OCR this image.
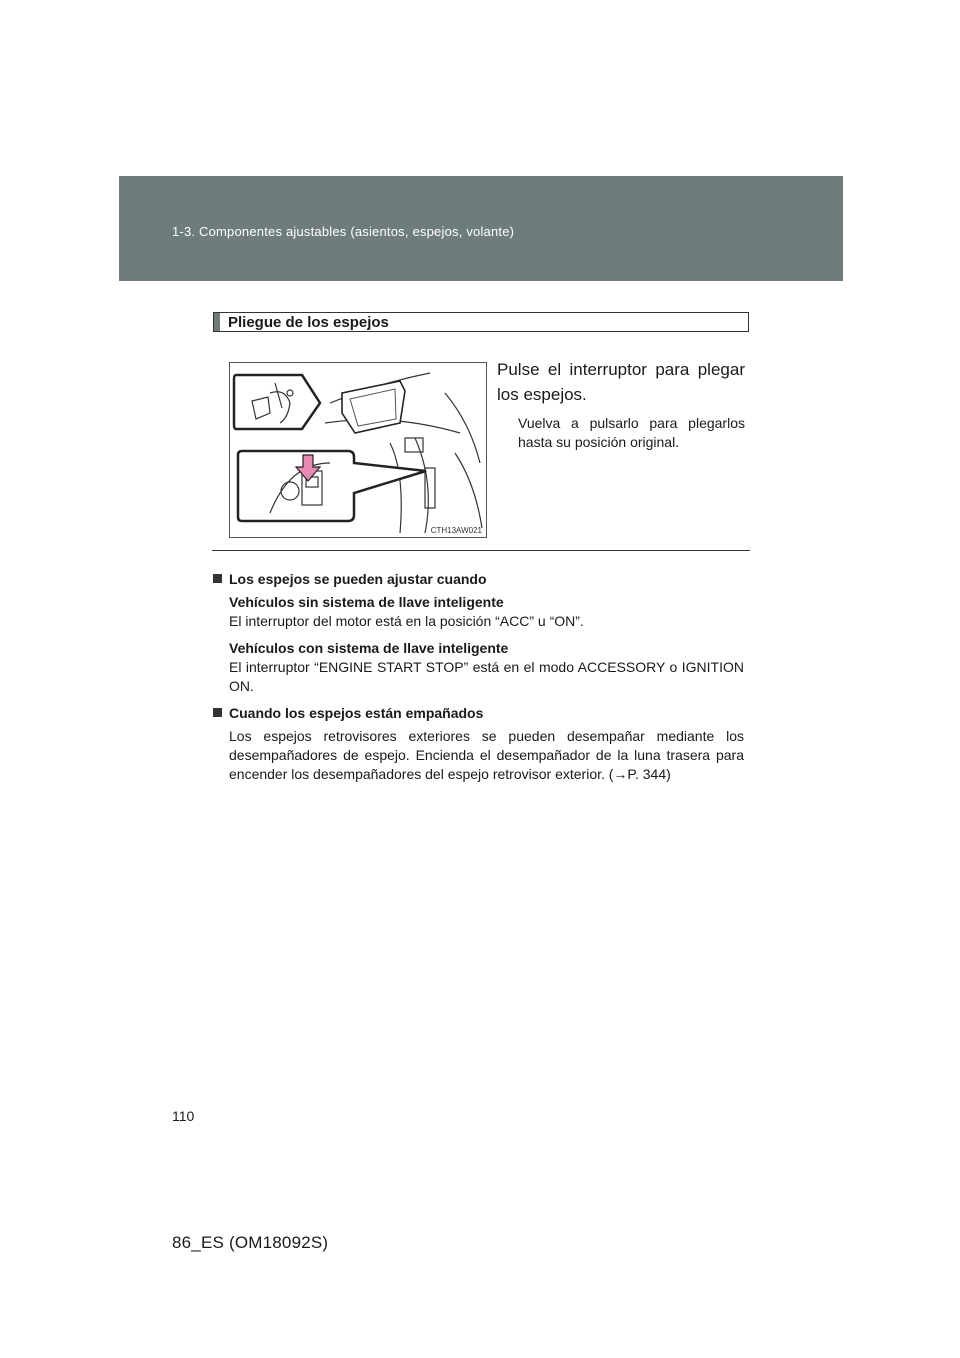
1-3. Componentes ajustables (asientos, espejos, volante)
Pliegue de los espejos
CTH13AW021
Pulse el interruptor para plegar los espejos.
Vuelva a pulsarlo para plegarlos hasta su posición original.

Los espejos se pueden ajustar cuando

Vehículos sin sistema de llave inteligente
El interruptor del motor está en la posición “ACC” u “ON”.
Vehículos con sistema de llave inteligente
El interruptor “ENGINE START STOP” está en el modo ACCESSORY o IGNITION ON.

Cuando los espejos están empañados

Los espejos retrovisores exteriores se pueden desempañar mediante los desempañadores de espejo. Encienda el desempañador de la luna trasera para encender los desempañadores del espejo retrovisor exterior. (→P. 344)
110
86_ES (OM18092S)
